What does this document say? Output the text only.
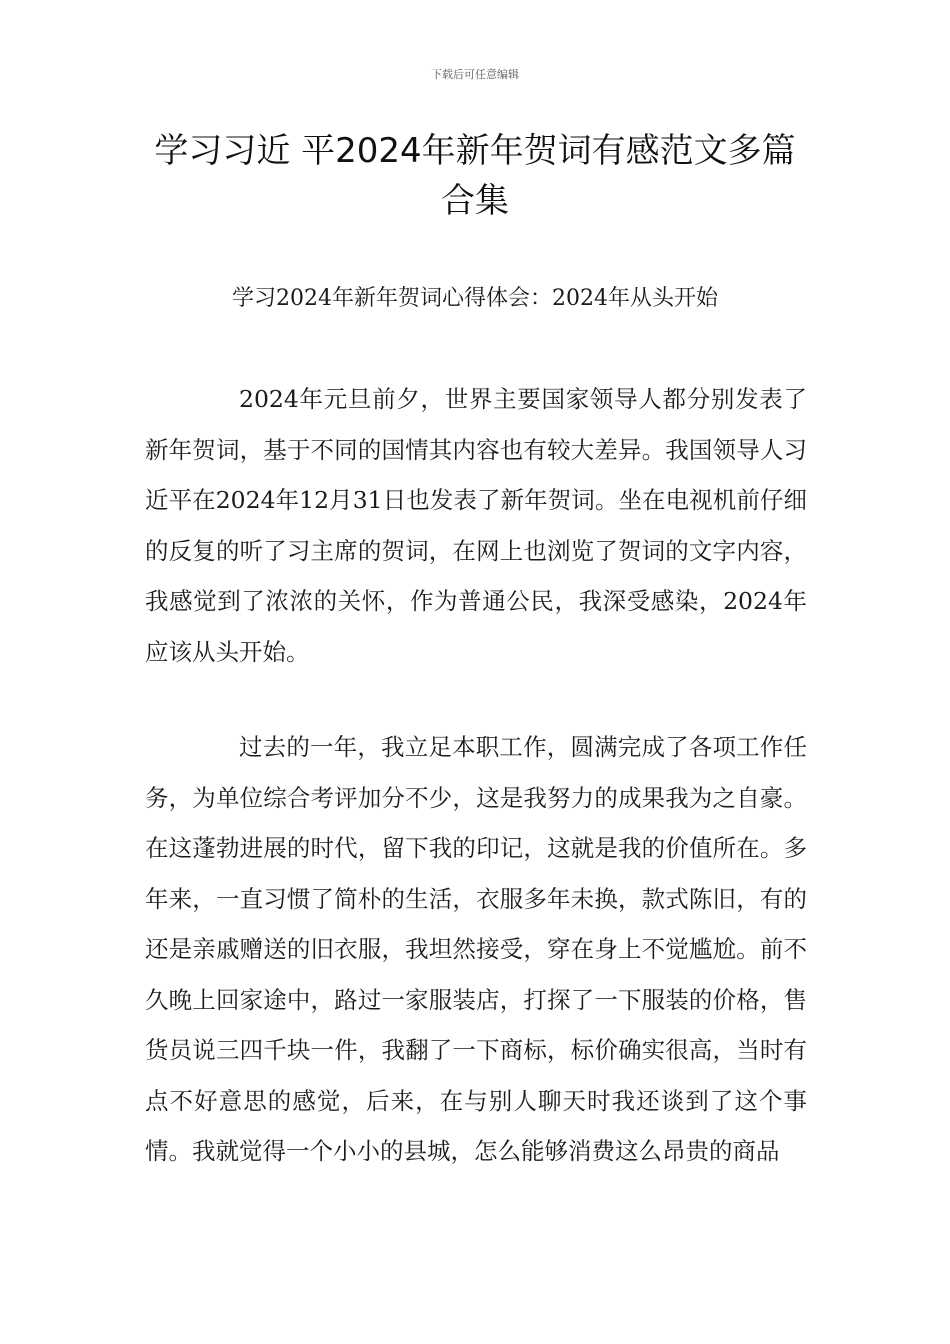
下载后可任意编辑

学习习近 平2024年新年贺词有感范文多篇合集

学习2024年新年贺词心得体会：2024年从头开始

2024年元旦前夕，世界主要国家领导人都分别发表了新年贺词，基于不同的国情其内容也有较大差异。我国领导人习近平在2024年12月31日也发表了新年贺词。坐在电视机前仔细的反复的听了习主席的贺词，在网上也浏览了贺词的文字内容，我感觉到了浓浓的关怀，作为普通公民，我深受感染，2024年应该从头开始。

过去的一年，我立足本职工作，圆满完成了各项工作任务，为单位综合考评加分不少，这是我努力的成果我为之自豪。在这蓬勃进展的时代，留下我的印记，这就是我的价值所在。多年来，一直习惯了简朴的生活，衣服多年未换，款式陈旧，有的还是亲戚赠送的旧衣服，我坦然接受，穿在身上不觉尴尬。前不久晚上回家途中，路过一家服装店，打探了一下服装的价格，售货员说三四千块一件，我翻了一下商标，标价确实很高，当时有点不好意思的感觉，后来，在与别人聊天时我还谈到了这个事情。我就觉得一个小小的县城，怎么能够消费这么昂贵的商品
